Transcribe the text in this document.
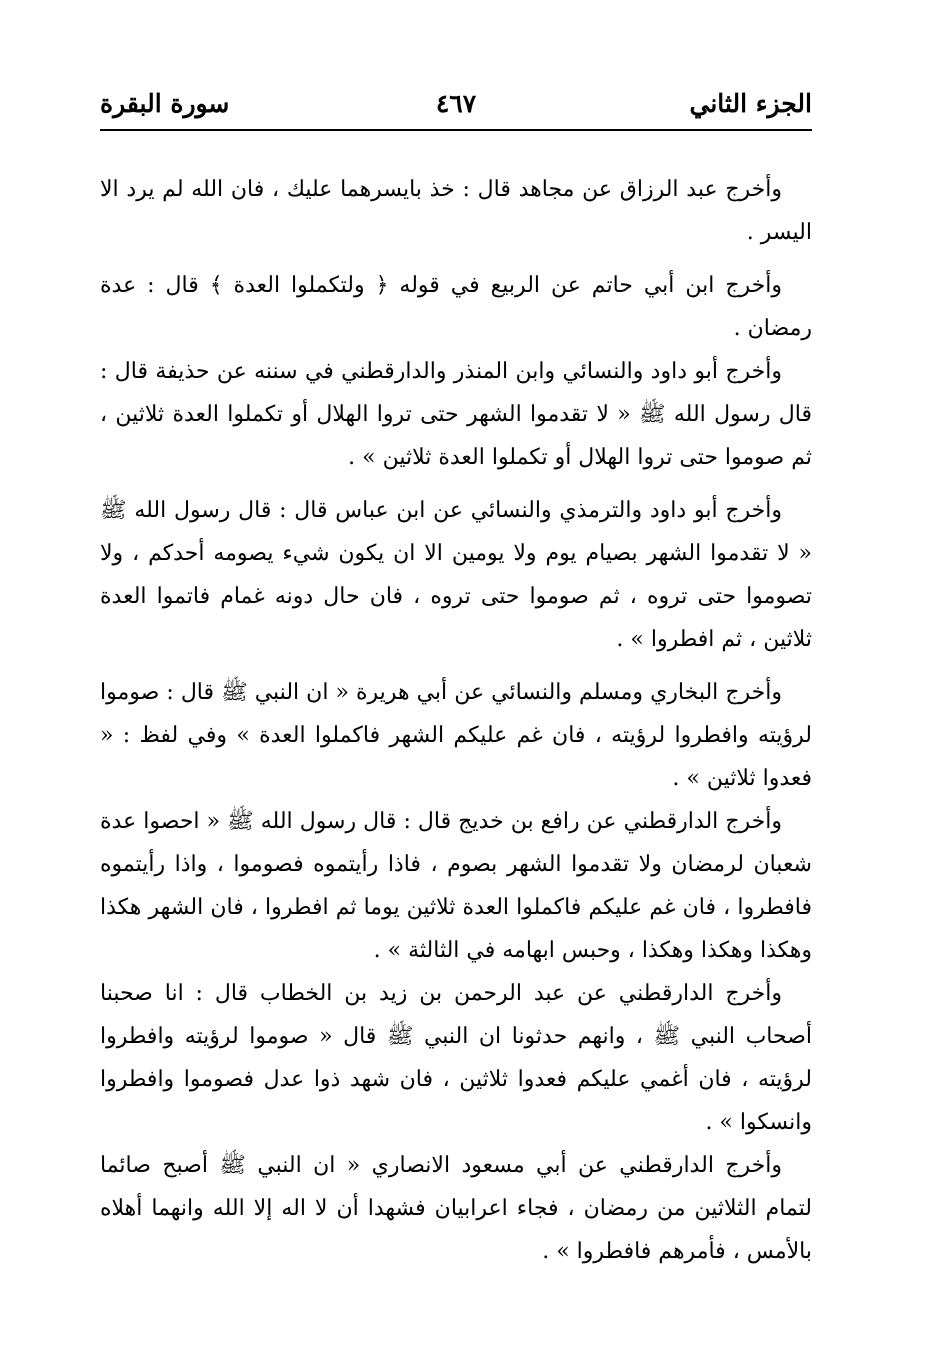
الجزء الثاني
٤٦٧
سورة البقرة

وأخرج عبد الرزاق عن مجاهد قال : خذ بايسرهما عليك ، فان الله لم يرد الا اليسر .

وأخرج ابن أبي حاتم عن الربيع في قوله ﴿ ولتكملوا العدة ﴾ قال : عدة رمضان .

وأخرج أبو داود والنسائي وابن المنذر والدارقطني في سننه عن حذيفة قال : قال رسول الله ﷺ « لا تقدموا الشهر حتى تروا الهلال أو تكملوا العدة ثلاثين ، ثم صوموا حتى تروا الهلال أو تكملوا العدة ثلاثين » .

وأخرج أبو داود والترمذي والنسائي عن ابن عباس قال : قال رسول الله ﷺ « لا تقدموا الشهر بصيام يوم ولا يومين الا ان يكون شيء يصومه أحدكم ، ولا تصوموا حتى تروه ، ثم صوموا حتى تروه ، فان حال دونه غمام فاتموا العدة ثلاثين ، ثم افطروا » .

وأخرج البخاري ومسلم والنسائي عن أبي هريرة « ان النبي ﷺ قال : صوموا لرؤيته وافطروا لرؤيته ، فان غم عليكم الشهر فاكملوا العدة » وفي لفظ : « فعدوا ثلاثين » .

وأخرج الدارقطني عن رافع بن خديج قال : قال رسول الله ﷺ « احصوا عدة شعبان لرمضان ولا تقدموا الشهر بصوم ، فاذا رأيتموه فصوموا ، واذا رأيتموه فافطروا ، فان غم عليكم فاكملوا العدة ثلاثين يوما ثم افطروا ، فان الشهر هكذا وهكذا وهكذا وهكذا ، وحبس ابهامه في الثالثة » .

وأخرج الدارقطني عن عبد الرحمن بن زيد بن الخطاب قال : انا صحبنا أصحاب النبي ﷺ ، وانهم حدثونا ان النبي ﷺ قال « صوموا لرؤيته وافطروا لرؤيته ، فان أغمي عليكم فعدوا ثلاثين ، فان شهد ذوا عدل فصوموا وافطروا وانسكوا » .

وأخرج الدارقطني عن أبي مسعود الانصاري « ان النبي ﷺ أصبح صائما لتمام الثلاثين من رمضان ، فجاء اعرابيان فشهدا أن لا اله إلا الله وانهما أهلاه بالأمس ، فأمرهم فافطروا » .
